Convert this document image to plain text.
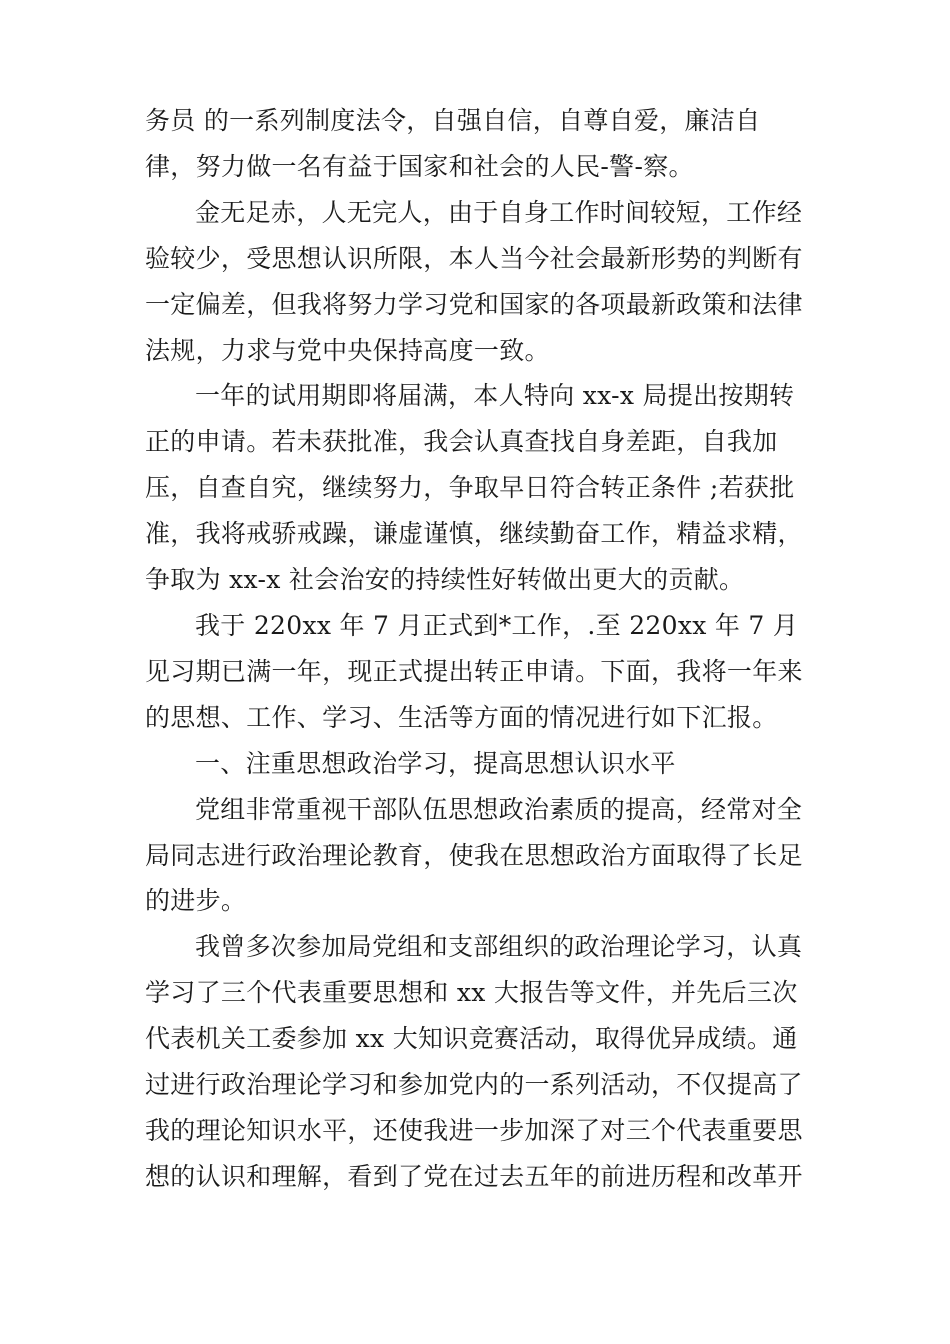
务员 的一系列制度法令，自强自信，自尊自爱，廉洁自律，努力做一名有益于国家和社会的人民-警-察。

金无足赤，人无完人，由于自身工作时间较短，工作经验较少，受思想认识所限，本人当今社会最新形势的判断有一定偏差，但我将努力学习党和国家的各项最新政策和法律法规，力求与党中央保持高度一致。

一年的试用期即将届满，本人特向 xx-x 局提出按期转正的申请。若未获批准，我会认真查找自身差距，自我加压，自查自究，继续努力，争取早日符合转正条件 ;若获批准，我将戒骄戒躁，谦虚谨慎，继续勤奋工作，精益求精，争取为 xx-x 社会治安的持续性好转做出更大的贡献。

我于 220xx 年 7 月正式到*工作，.至 220xx 年 7 月见习期已满一年，现正式提出转正申请。下面，我将一年来的思想、工作、学习、生活等方面的情况进行如下汇报。

一、注重思想政治学习，提高思想认识水平

党组非常重视干部队伍思想政治素质的提高，经常对全局同志进行政治理论教育，使我在思想政治方面取得了长足的进步。

我曾多次参加局党组和支部组织的政治理论学习，认真学习了三个代表重要思想和 xx 大报告等文件，并先后三次代表机关工委参加 xx 大知识竞赛活动，取得优异成绩。通过进行政治理论学习和参加党内的一系列活动，不仅提高了我的理论知识水平，还使我进一步加深了对三个代表重要思想的认识和理解，看到了党在过去五年的前进历程和改革开
